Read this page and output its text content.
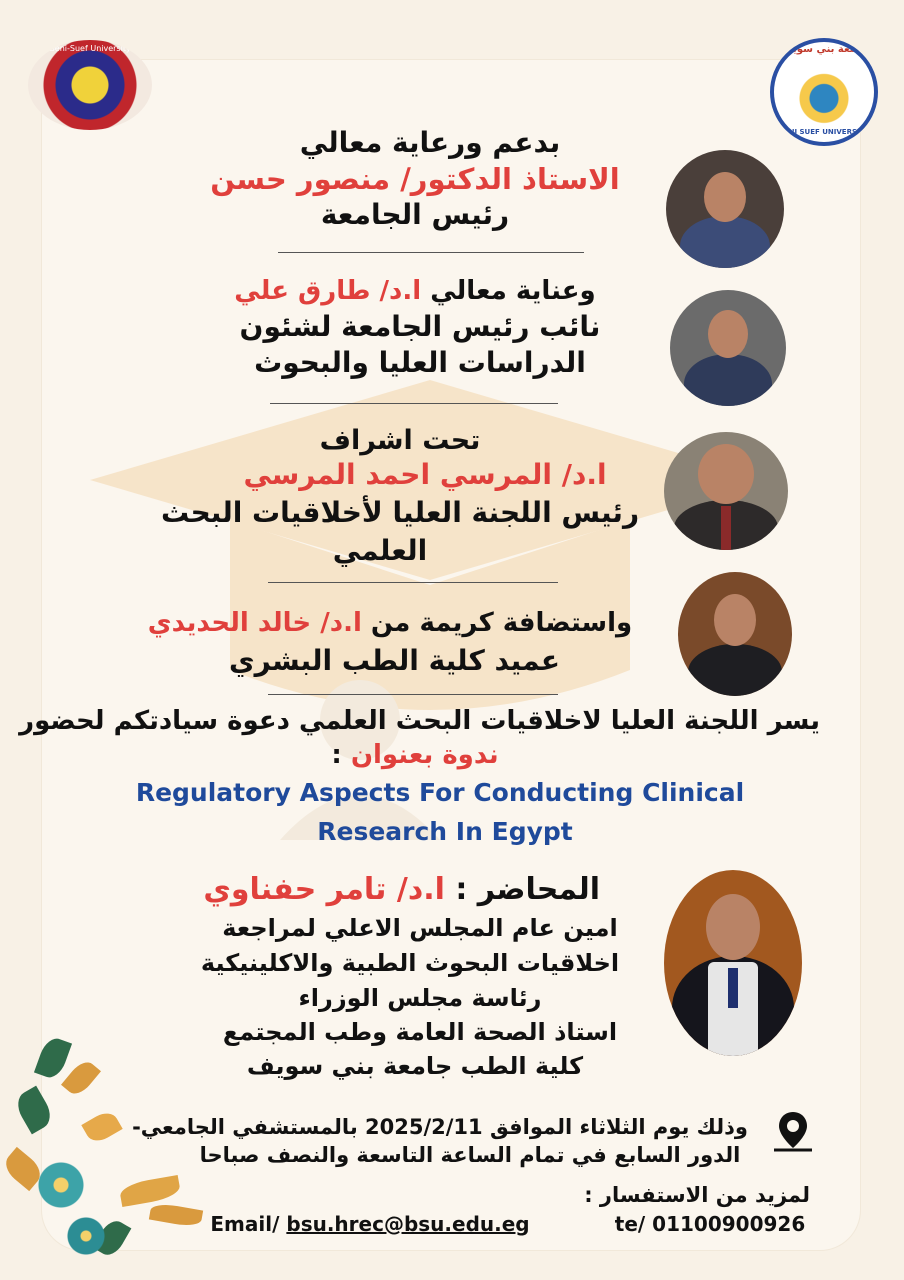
Beni-Suef University	جامعة بني سويف
BENI SUEF UNIVERSITY
بدعم ورعاية معالي
الاستاذ الدكتور/ منصور حسن
رئيس الجامعة
وعناية معالي ا.د/ طارق علي
نائب رئيس الجامعة لشئون
الدراسات العليا والبحوث
تحت اشراف
ا.د/ المرسي احمد المرسي
رئيس اللجنة العليا لأخلاقيات البحث
العلمي
واستضافة كريمة من ا.د/ خالد الحديدي
عميد كلية الطب البشري
يسر اللجنة العليا لاخلاقيات البحث العلمي دعوة سيادتكم لحضور
ندوة بعنوان :
Regulatory Aspects For Conducting Clinical
Research In Egypt
المحاضر : ا.د/ تامر حفناوي
امين عام المجلس الاعلي لمراجعة
اخلاقيات البحوث الطبية والاكلينيكية
رئاسة مجلس الوزراء
استاذ الصحة العامة وطب المجتمع
كلية الطب جامعة بني سويف
وذلك يوم الثلاثاء الموافق 2025/2/11 بالمستشفي الجامعي-
الدور السابع في تمام الساعة التاسعة والنصف صباحا
لمزيد من الاستفسار :
te/ 01100900926
Email/ bsu.hrec@bsu.edu.eg
